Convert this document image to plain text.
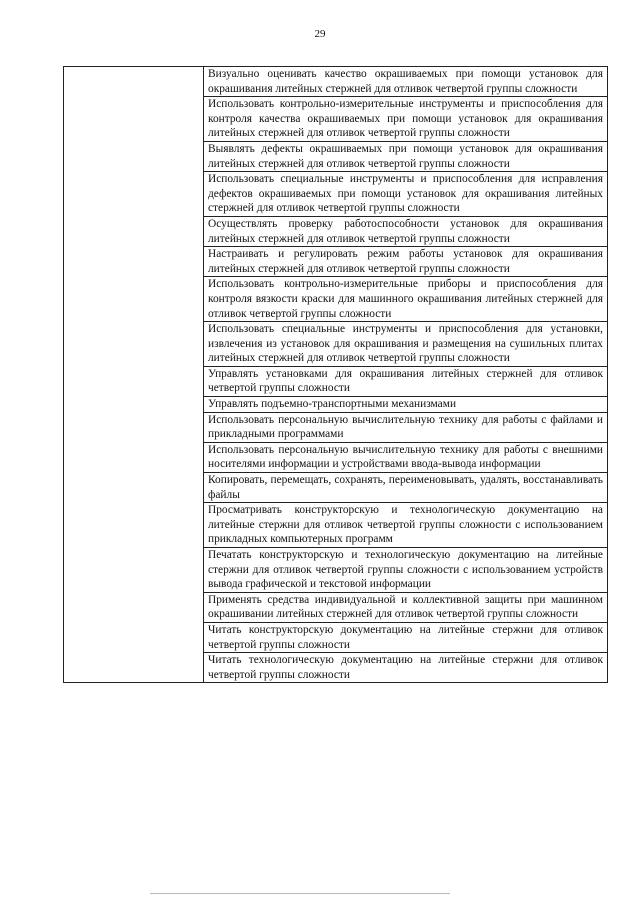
29

Визуально оценивать качество окрашиваемых при помощи установок для окрашивания литейных стержней для отливок четвертой группы сложности

Использовать контрольно-измерительные инструменты и приспособления для контроля качества окрашиваемых при помощи установок для окрашивания литейных стержней для отливок четвертой группы сложности

Выявлять дефекты окрашиваемых при помощи установок для окрашивания литейных стержней для отливок четвертой группы сложности

Использовать специальные инструменты и приспособления для исправления дефектов окрашиваемых при помощи установок для окрашивания литейных стержней для отливок четвертой группы сложности

Осуществлять проверку работоспособности установок для окрашивания литейных стержней для отливок четвертой группы сложности

Настраивать и регулировать режим работы установок для окрашивания литейных стержней для отливок четвертой группы сложности

Использовать контрольно-измерительные приборы и приспособления для контроля вязкости краски для машинного окрашивания литейных стержней для отливок четвертой группы сложности

Использовать специальные инструменты и приспособления для установки, извлечения из установок для окрашивания и размещения на сушильных плитах литейных стержней для отливок четвертой группы сложности

Управлять установками для окрашивания литейных стержней для отливок четвертой группы сложности

Управлять подъемно-транспортными механизмами

Использовать персональную вычислительную технику для работы с файлами и прикладными программами

Использовать персональную вычислительную технику для работы с внешними носителями информации и устройствами ввода-вывода информации

Копировать, перемещать, сохранять, переименовывать, удалять, восстанавливать файлы

Просматривать конструкторскую и технологическую документацию на литейные стержни для отливок четвертой группы сложности с использованием прикладных компьютерных программ

Печатать конструкторскую и технологическую документацию на литейные стержни для отливок четвертой группы сложности с использованием устройств вывода графической и текстовой информации

Применять средства индивидуальной и коллективной защиты при машинном окрашивании литейных стержней для отливок четвертой группы сложности

Читать конструкторскую документацию на литейные стержни для отливок четвертой группы сложности

Читать технологическую документацию на литейные стержни для отливок четвертой группы сложности
